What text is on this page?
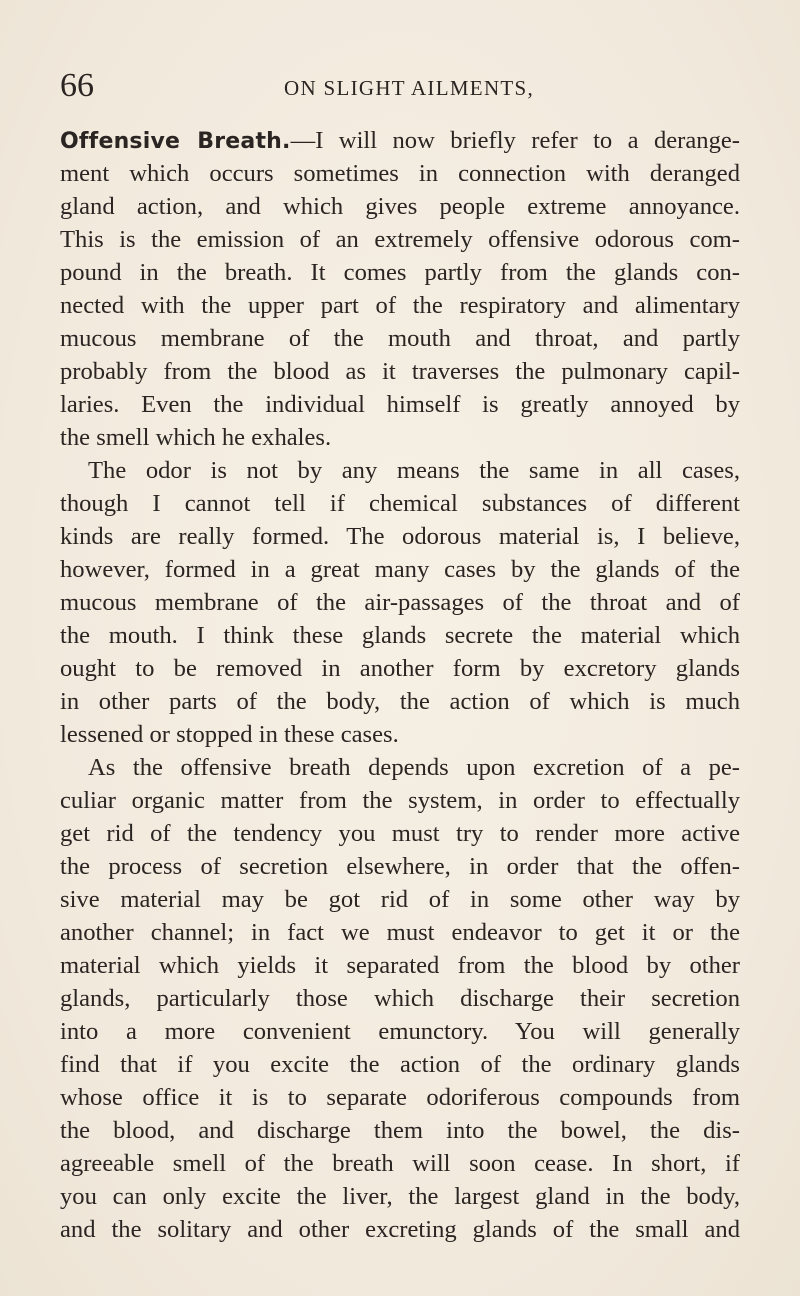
66	ON SLIGHT AILMENTS,
Offensive Breath.—I will now briefly refer to a derange-
ment which occurs sometimes in connection with deranged
gland action, and which gives people extreme annoyance.
This is the emission of an extremely offensive odorous com-
pound in the breath. It comes partly from the glands con-
nected with the upper part of the respiratory and alimentary
mucous membrane of the mouth and throat, and partly
probably from the blood as it traverses the pulmonary capil-
laries. Even the individual himself is greatly annoyed by
the smell which he exhales.
The odor is not by any means the same in all cases,
though I cannot tell if chemical substances of different
kinds are really formed. The odorous material is, I believe,
however, formed in a great many cases by the glands of the
mucous membrane of the air-passages of the throat and of
the mouth. I think these glands secrete the material which
ought to be removed in another form by excretory glands
in other parts of the body, the action of which is much
lessened or stopped in these cases.
As the offensive breath depends upon excretion of a pe-
culiar organic matter from the system, in order to effectually
get rid of the tendency you must try to render more active
the process of secretion elsewhere, in order that the offen-
sive material may be got rid of in some other way by
another channel; in fact we must endeavor to get it or the
material which yields it separated from the blood by other
glands, particularly those which discharge their secretion
into a more convenient emunctory. You will generally
find that if you excite the action of the ordinary glands
whose office it is to separate odoriferous compounds from
the blood, and discharge them into the bowel, the dis-
agreeable smell of the breath will soon cease. In short, if
you can only excite the liver, the largest gland in the body,
and the solitary and other excreting glands of the small and
